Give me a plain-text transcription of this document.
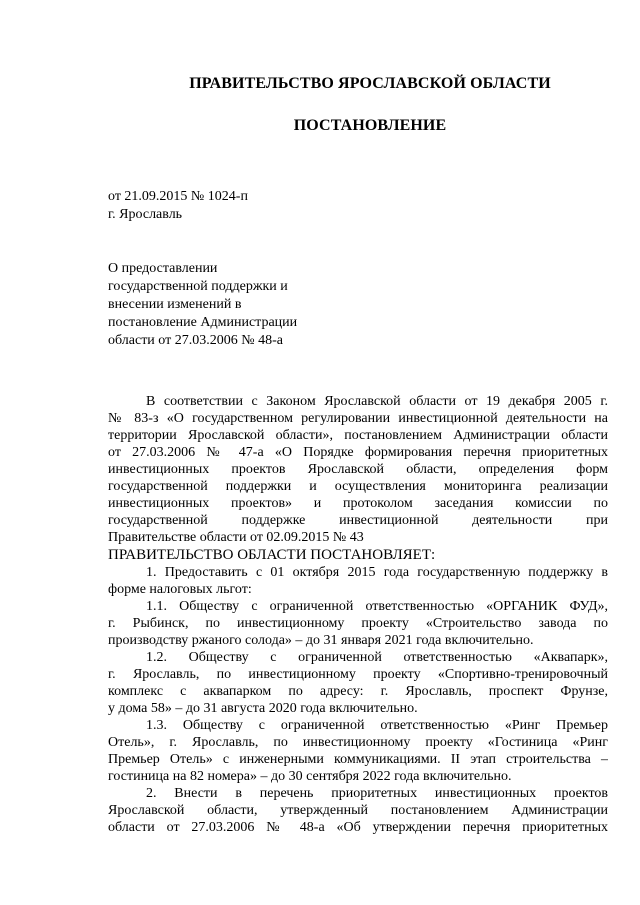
ПРАВИТЕЛЬСТВО ЯРОСЛАВСКОЙ ОБЛАСТИ
ПОСТАНОВЛЕНИЕ
от 21.09.2015 № 1024-п
г. Ярославль
О предоставлении
государственной поддержки и
внесении изменений в
постановление Администрации
области от 27.03.2006 № 48-а
В соответствии с Законом Ярославской области от 19 декабря 2005 г.
№ 83-з «О государственном регулировании инвестиционной деятельности на
территории Ярославской области», постановлением Администрации области
от 27.03.2006 № 47-а «О Порядке формирования перечня приоритетных
инвестиционных проектов Ярославской области, определения форм
государственной поддержки и осуществления мониторинга реализации
инвестиционных проектов» и протоколом заседания комиссии по
государственной поддержке инвестиционной деятельности при
Правительстве области от 02.09.2015 № 43
ПРАВИТЕЛЬСТВО ОБЛАСТИ ПОСТАНОВЛЯЕТ:
1. Предоставить с 01 октября 2015 года государственную поддержку в
форме налоговых льгот:
1.1. Обществу с ограниченной ответственностью «ОРГАНИК ФУД»,
г. Рыбинск, по инвестиционному проекту «Строительство завода по
производству ржаного солода» – до 31 января 2021 года включительно.
1.2. Обществу с ограниченной ответственностью «Аквапарк»,
г. Ярославль, по инвестиционному проекту «Спортивно-тренировочный
комплекс с аквапарком по адресу: г. Ярославль, проспект Фрунзе,
у дома 58» – до 31 августа 2020 года включительно.
1.3. Обществу с ограниченной ответственностью «Ринг Премьер
Отель», г. Ярославль, по инвестиционному проекту «Гостиница «Ринг
Премьер Отель» с инженерными коммуникациями. II этап строительства –
гостиница на 82 номера» – до 30 сентября 2022 года включительно.
2. Внести в перечень приоритетных инвестиционных проектов
Ярославской области, утвержденный постановлением Администрации
области от 27.03.2006 № 48-а «Об утверждении перечня приоритетных
